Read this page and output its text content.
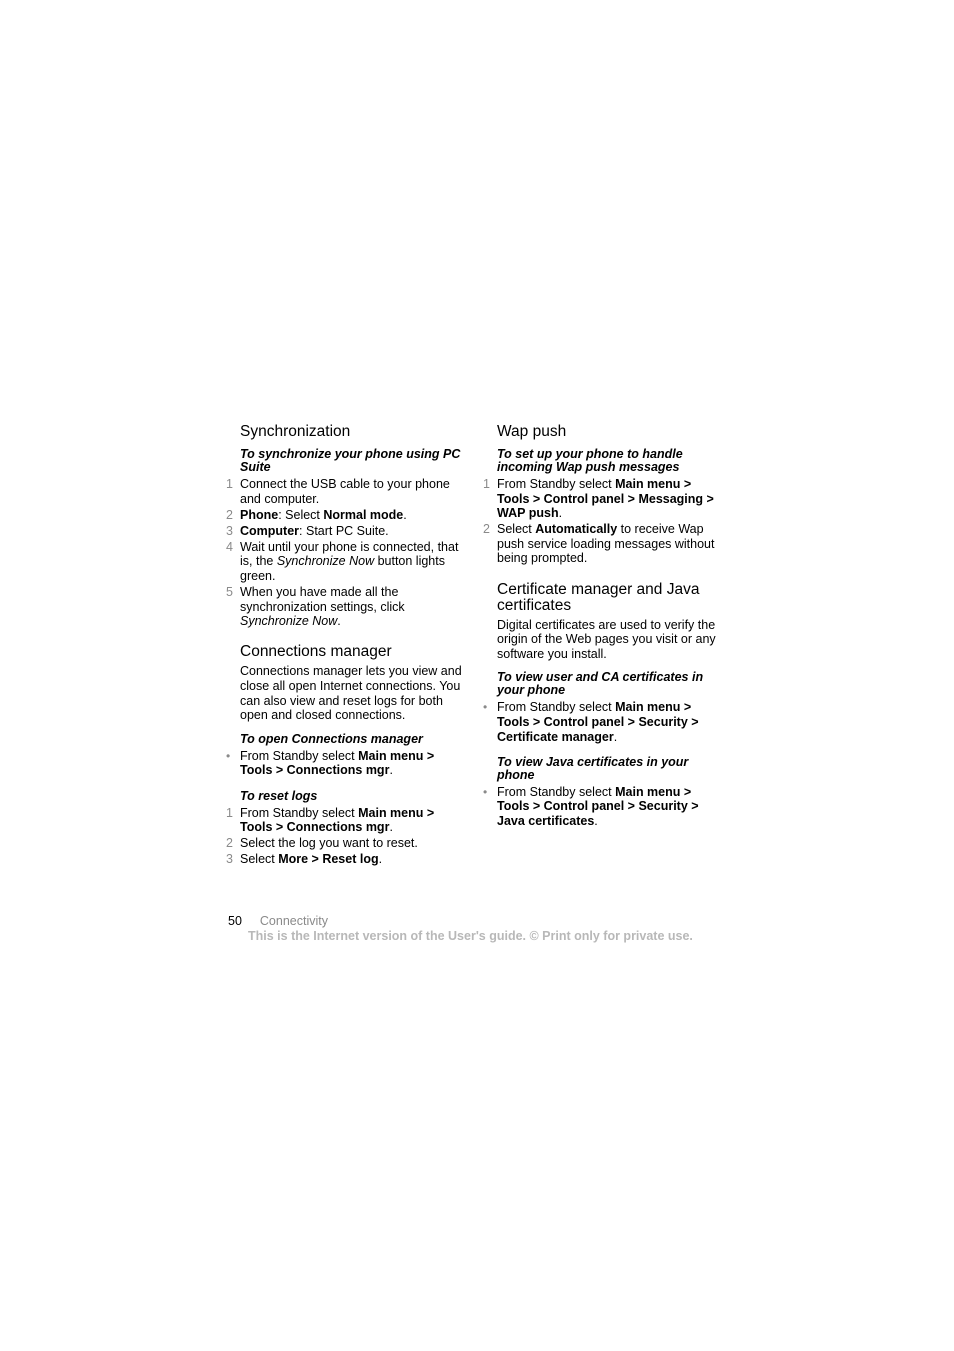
Synchronization
To synchronize your phone using PC Suite
1 Connect the USB cable to your phone and computer.
2 Phone: Select Normal mode.
3 Computer: Start PC Suite.
4 Wait until your phone is connected, that is, the Synchronize Now button lights green.
5 When you have made all the synchronization settings, click Synchronize Now.
Connections manager
Connections manager lets you view and close all open Internet connections. You can also view and reset logs for both open and closed connections.
To open Connections manager
• From Standby select Main menu > Tools > Connections mgr.
To reset logs
1 From Standby select Main menu > Tools > Connections mgr.
2 Select the log you want to reset.
3 Select More > Reset log.
Wap push
To set up your phone to handle incoming Wap push messages
1 From Standby select Main menu > Tools > Control panel > Messaging > WAP push.
2 Select Automatically to receive Wap push service loading messages without being prompted.
Certificate manager and Java certificates
Digital certificates are used to verify the origin of the Web pages you visit or any software you install.
To view user and CA certificates in your phone
• From Standby select Main menu > Tools > Control panel > Security > Certificate manager.
To view Java certificates in your phone
• From Standby select Main menu > Tools > Control panel > Security > Java certificates.
50 Connectivity
This is the Internet version of the User's guide. © Print only for private use.
